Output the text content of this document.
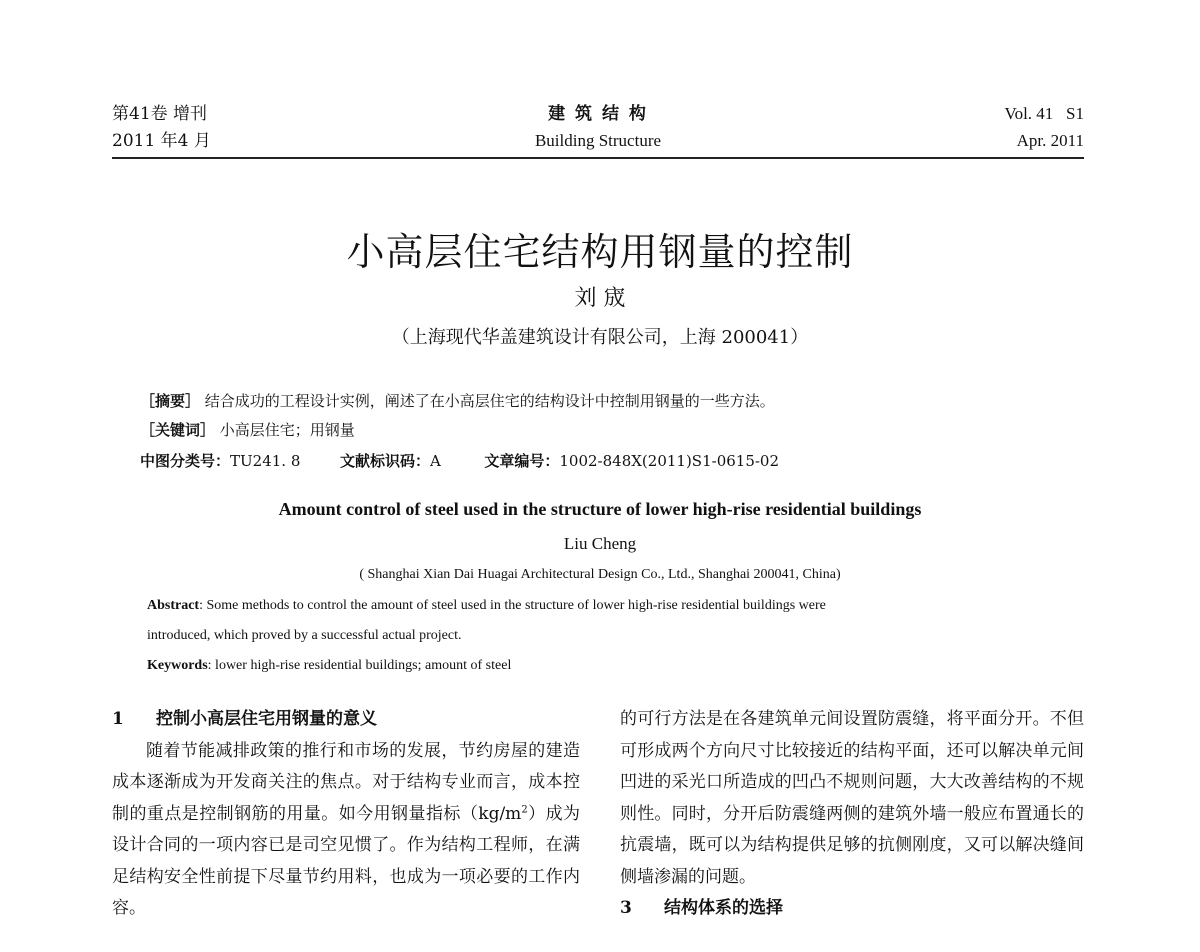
第41卷 增刊
2011 年4 月
建 筑 结 构
Building Structure
Vol. 41   S1
Apr. 2011
小高层住宅结构用钢量的控制
刘 宬
（上海现代华盖建筑设计有限公司，上海 200041）
［摘要］ 结合成功的工程设计实例，阐述了在小高层住宅的结构设计中控制用钢量的一些方法。
［关键词］ 小高层住宅；用钢量
中图分类号：TU241. 8	文献标识码：A	文章编号：1002-848X(2011)S1-0615-02
Amount control of steel used in the structure of lower high-rise residential buildings
Liu Cheng
( Shanghai Xian Dai Huagai Architectural Design Co., Ltd., Shanghai 200041, China)
Abstract: Some methods to control the amount of steel used in the structure of lower high-rise residential buildings were
introduced, which proved by a successful actual project.
Keywords: lower high-rise residential buildings; amount of steel
1 控制小高层住宅用钢量的意义

随着节能减排政策的推行和市场的发展，节约房屋的建造成本逐渐成为开发商关注的焦点。对于结构专业而言，成本控制的重点是控制钢筋的用量。如今用钢量指标$(kg/m^2)$成为设计合同的一项内容已是司空见惯了。作为结构工程师，在满足结构安全性前提下尽量节约用料，也成为一项必要的工作内容。

的可行方法是在各建筑单元间设置防震缝，将平面分开。不但可形成两个方向尺寸比较接近的结构平面，还可以解决单元间凹进的采光口所造成的凹凸不规则问题，大大改善结构的不规则性。同时，分开后防震缝两侧的建筑外墙一般应布置通长的抗震墙，既可以为结构提供足够的抗侧刚度，又可以解决缝间侧墙渗漏的问题。

3 结构体系的选择
